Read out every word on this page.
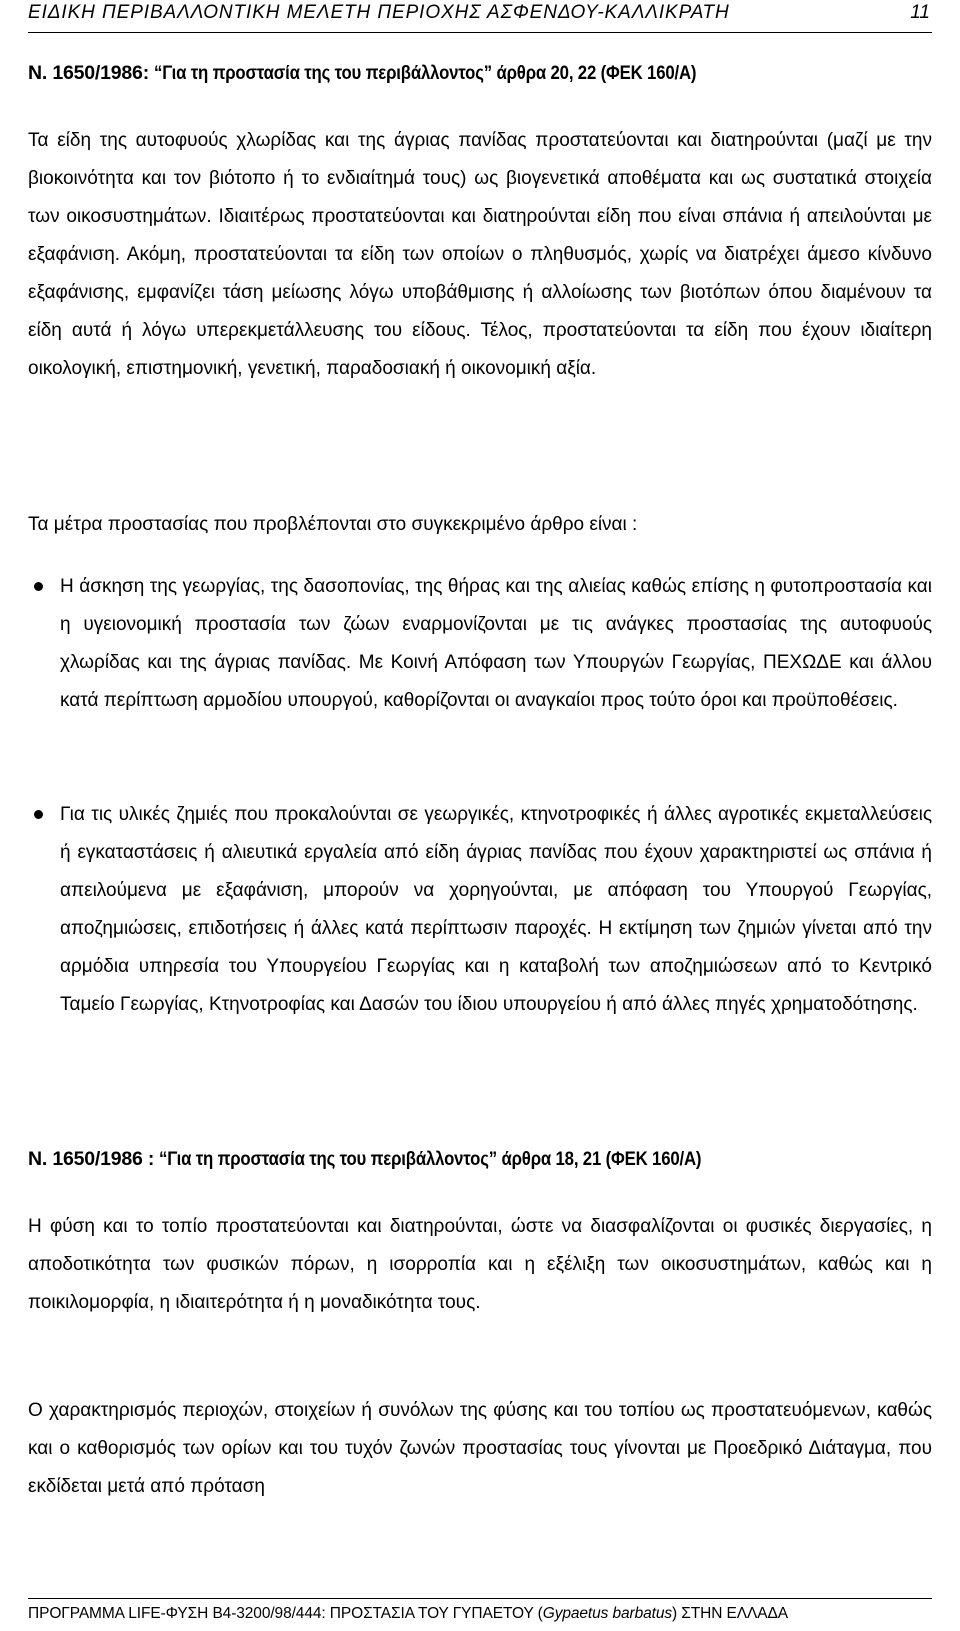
ΕΙΔΙΚΗ ΠΕΡΙΒΑΛΛΟΝΤΙΚΗ ΜΕΛΕΤΗ ΠΕΡΙΟΧΗΣ ΑΣΦΕΝΔΟΥ-ΚΑΛΛΙΚΡΑΤΗ	11
Ν. 1650/1986: “Για τη προστασία της του περιβάλλοντος” άρθρα 20, 22 (ΦΕΚ 160/Α)

Τα είδη της αυτοφυούς χλωρίδας και της άγριας πανίδας προστατεύονται και διατηρούνται (μαζί με την βιοκοινότητα και τον βιότοπο ή το ενδιαίτημά τους) ως βιογενετικά αποθέματα και ως συστατικά στοιχεία των οικοσυστημάτων. Ιδιαιτέρως προστατεύονται και διατηρούνται είδη που είναι σπάνια ή απειλούνται με εξαφάνιση. Ακόμη, προστατεύονται τα είδη των οποίων ο πληθυσμός, χωρίς να διατρέχει άμεσο κίνδυνο εξαφάνισης, εμφανίζει τάση μείωσης λόγω υποβάθμισης ή αλλοίωσης των βιοτόπων όπου διαμένουν τα είδη αυτά ή λόγω υπερεκμετάλλευσης του είδους. Τέλος, προστατεύονται τα είδη που έχουν ιδιαίτερη οικολογική, επιστημονική, γενετική, παραδοσιακή ή οικονομική αξία.

Τα μέτρα προστασίας που προβλέπονται στο συγκεκριμένο άρθρο είναι :

Η άσκηση της γεωργίας, της δασοπονίας, της θήρας και της αλιείας καθώς επίσης η φυτοπροστασία και η υγειονομική προστασία των ζώων εναρμονίζονται με τις ανάγκες προστασίας της αυτοφυούς χλωρίδας και της άγριας πανίδας. Με Κοινή Απόφαση των Υπουργών Γεωργίας, ΠΕΧΩΔΕ και άλλου κατά περίπτωση αρμοδίου υπουργού, καθορίζονται οι αναγκαίοι προς τούτο όροι και προϋποθέσεις.

Για τις υλικές ζημιές που προκαλούνται σε γεωργικές, κτηνοτροφικές ή άλλες αγροτικές εκμεταλλεύσεις ή εγκαταστάσεις ή αλιευτικά εργαλεία από είδη άγριας πανίδας που έχουν χαρακτηριστεί ως σπάνια ή απειλούμενα με εξαφάνιση, μπορούν να χορηγούνται, με απόφαση του Υπουργού Γεωργίας, αποζημιώσεις, επιδοτήσεις ή άλλες κατά περίπτωσιν παροχές. Η εκτίμηση των ζημιών γίνεται από την αρμόδια υπηρεσία του Υπουργείου Γεωργίας και η καταβολή των αποζημιώσεων από το Κεντρικό Ταμείο Γεωργίας, Κτηνοτροφίας και Δασών του ίδιου υπουργείου ή από άλλες πηγές χρηματοδότησης.

Ν. 1650/1986 : “Για τη προστασία της του περιβάλλοντος” άρθρα 18, 21 (ΦΕΚ 160/Α)

Η φύση και το τοπίο προστατεύονται και διατηρούνται, ώστε να διασφαλίζονται οι φυσικές διεργασίες, η αποδοτικότητα των φυσικών πόρων, η ισορροπία και η εξέλιξη των οικοσυστημάτων, καθώς και η ποικιλομορφία, η ιδιαιτερότητα ή η μοναδικότητα τους.

Ο χαρακτηρισμός περιοχών, στοιχείων ή συνόλων της φύσης και του τοπίου ως προστατευόμενων, καθώς και ο καθορισμός των ορίων και του τυχόν ζωνών προστασίας τους γίνονται με Προεδρικό Διάταγμα, που εκδίδεται μετά από πρόταση

ΠΡΟΓΡΑΜΜΑ LIFE-ΦΥΣΗ B4-3200/98/444: ΠΡΟΣΤΑΣΙΑ ΤΟΥ ΓΥΠΑΕΤΟΥ (Gypaetus barbatus) ΣΤΗΝ ΕΛΛΑΔΑ
